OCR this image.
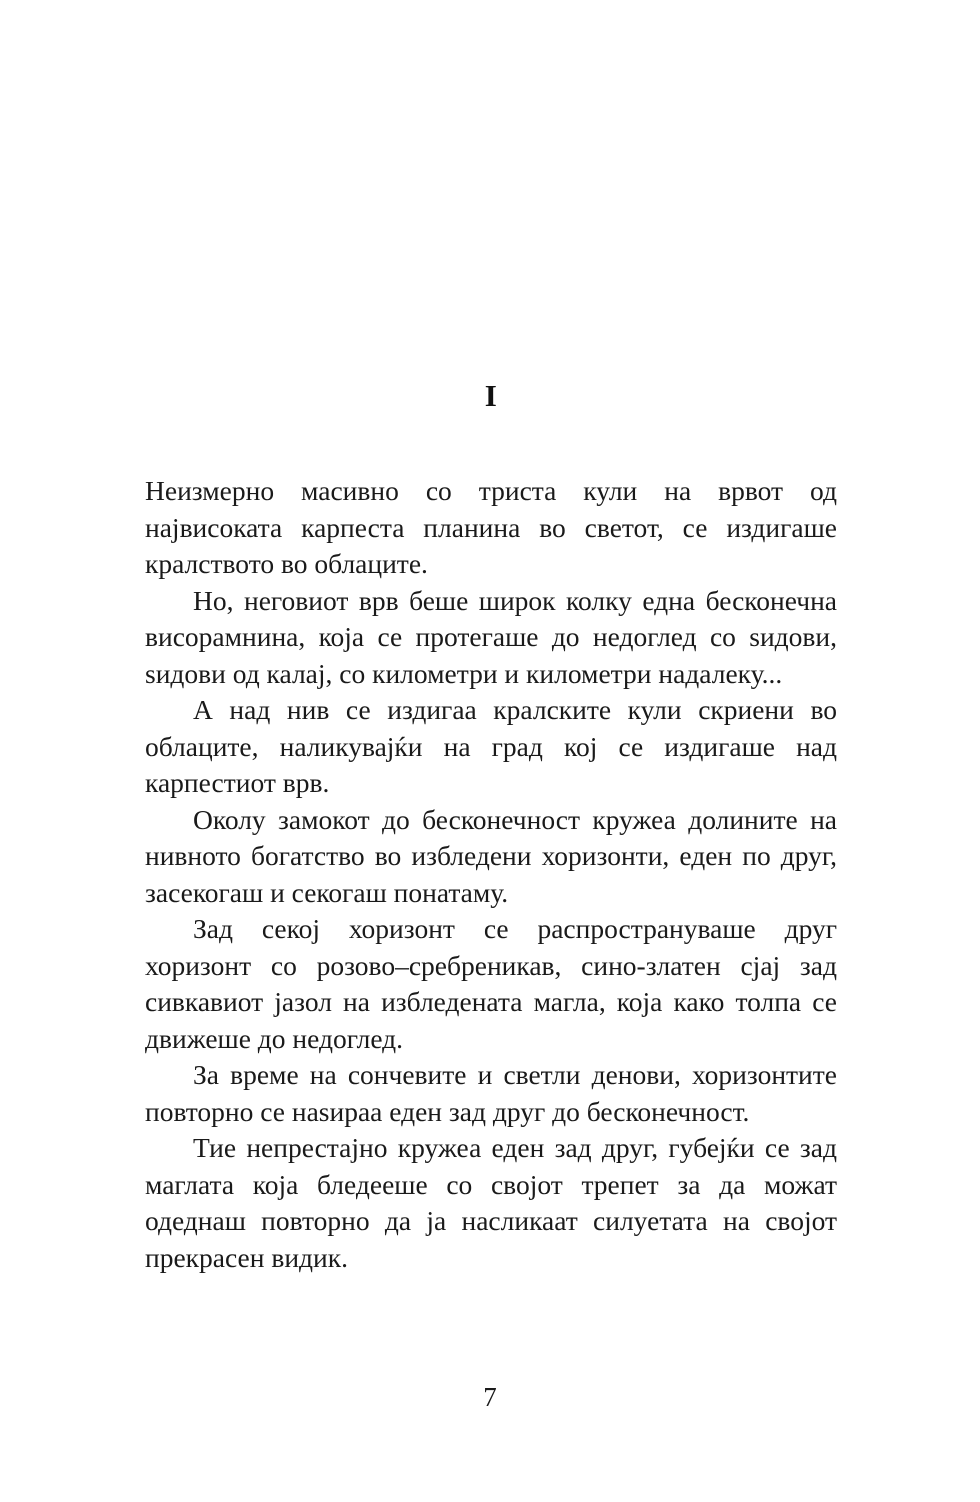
I

Неизмерно масивно со триста кули на врвот од највисоката карпеста планина во светот, се издигаше кралството во облаците.

Но, неговиот врв беше широк колку една бесконечна висорамнина, која се протегаше до недоглед со ѕидови, ѕидови од калај, со километри и километри надалеку...

А над нив се издигаа кралските кули скриени во облаците, наликувајќи на град кој се издигаше над карпестиот врв.

Околу замокот до бесконечност кружеа долините на нивното богатство во избледени хоризонти, еден по друг, засекогаш и секогаш понатаму.

Зад секој хоризонт се распространуваше друг хоризонт со розово–сребреникав, сино-златен сјај зад сивкавиот јазол на избледената магла, која како толпа се движеше до недоглед.

За време на сончевите и светли денови, хоризонтите повторно се наѕираа еден зад друг до бесконечност.

Тие непрестајно кружеа еден зад друг, губејќи се зад маглата која бледееше со својот трепет за да можат одеднаш повторно да ја насликаат силуетата на својот прекрасен видик.

7
